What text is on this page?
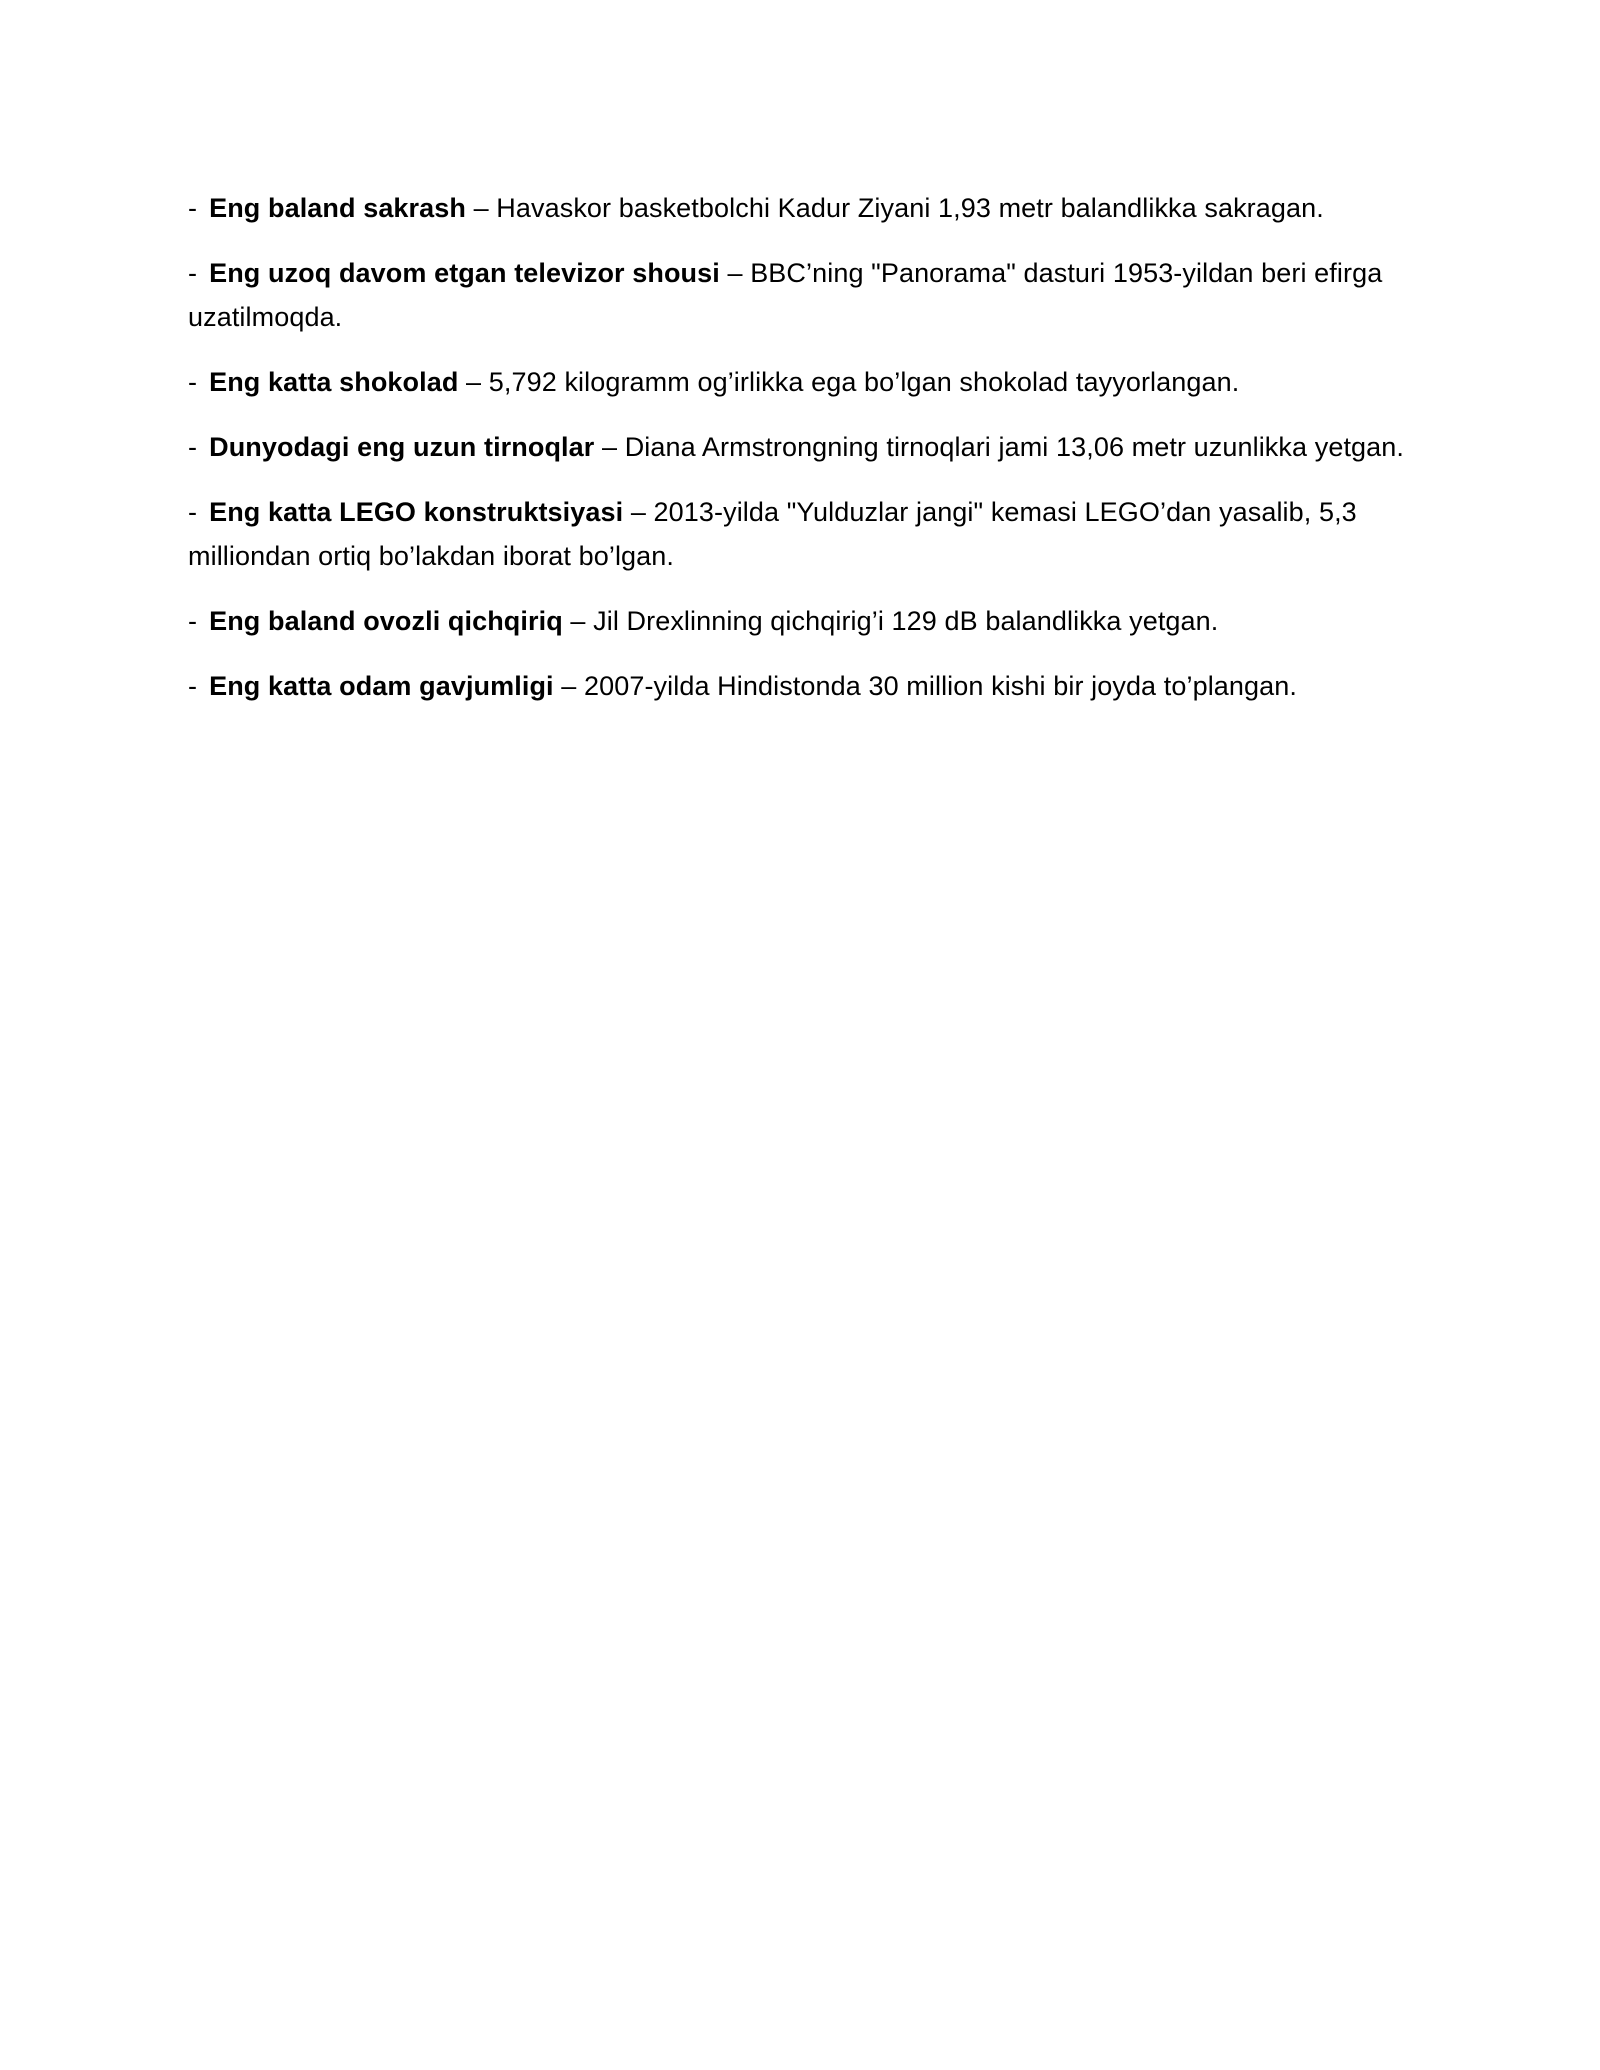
- Eng baland sakrash – Havaskor basketbolchi Kadur Ziyani 1,93 metr balandlikka sakragan.

- Eng uzoq davom etgan televizor shousi – BBC’ning "Panorama" dasturi 1953-yildan beri efirga uzatilmoqda.

- Eng katta shokolad – 5,792 kilogramm og’irlikka ega bo’lgan shokolad tayyorlangan.

- Dunyodagi eng uzun tirnoqlar – Diana Armstrongning tirnoqlari jami 13,06 metr uzunlikka yetgan.

- Eng katta LEGO konstruktsiyasi – 2013-yilda "Yulduzlar jangi" kemasi LEGO’dan yasalib, 5,3 milliondan ortiq bo’lakdan iborat bo’lgan.

- Eng baland ovozli qichqiriq – Jil Drexlinning qichqirig’i 129 dB balandlikka yetgan.

- Eng katta odam gavjumligi – 2007-yilda Hindistonda 30 million kishi bir joyda to’plangan.
